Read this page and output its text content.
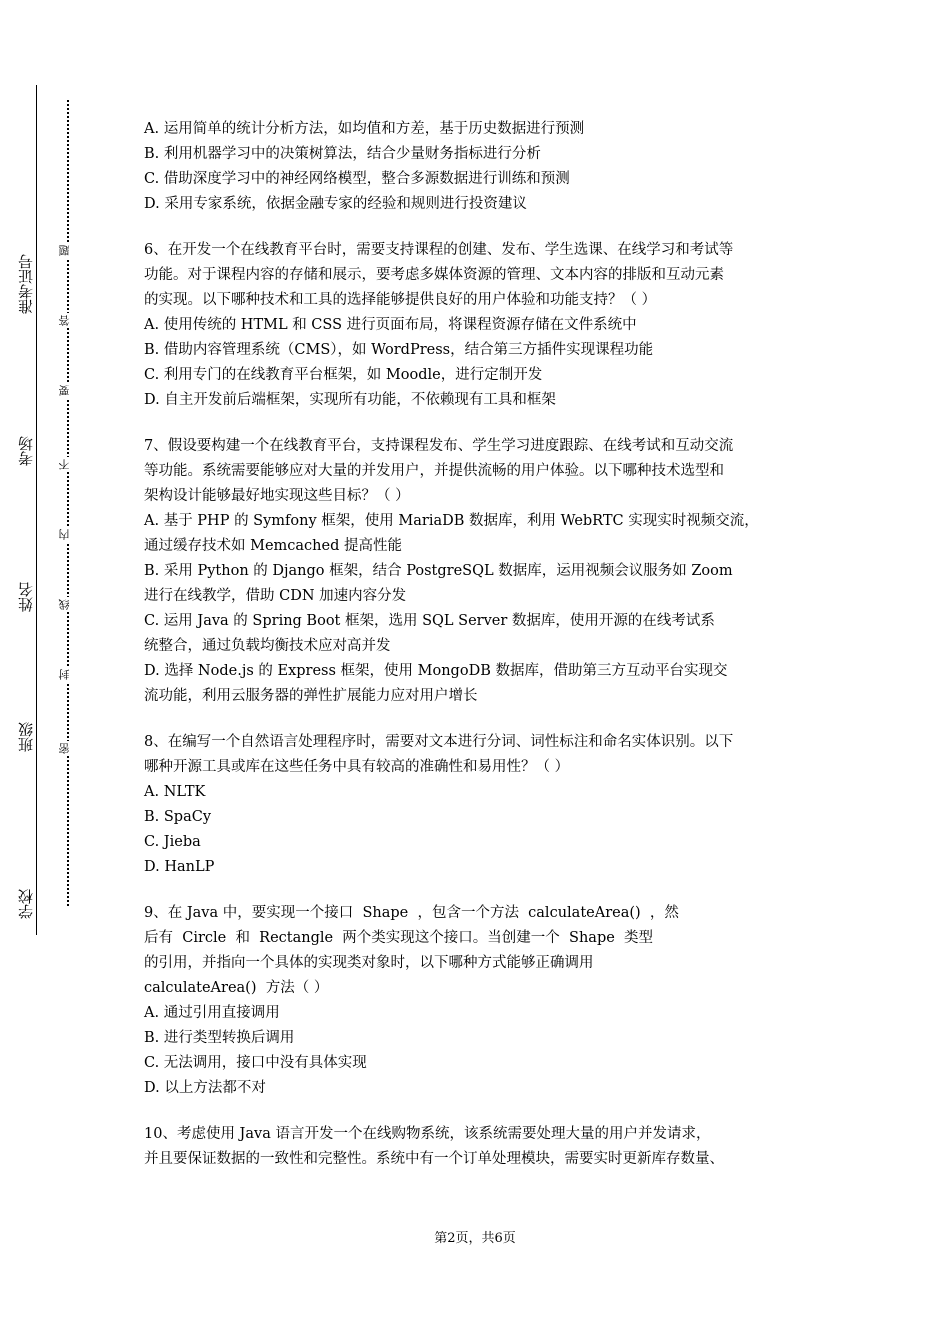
准考证号
考场
姓名
班级
学校
题
答
要
不
内
线
封
密
A. 运用简单的统计分析方法，如均值和方差，基于历史数据进行预测
B. 利用机器学习中的决策树算法，结合少量财务指标进行分析
C. 借助深度学习中的神经网络模型，整合多源数据进行训练和预测
D. 采用专家系统，依据金融专家的经验和规则进行投资建议
6、在开发一个在线教育平台时，需要支持课程的创建、发布、学生选课、在线学习和考试等
功能。对于课程内容的存储和展示，要考虑多媒体资源的管理、文本内容的排版和互动元素
的实现。以下哪种技术和工具的选择能够提供良好的用户体验和功能支持？（ ）
A. 使用传统的 HTML 和 CSS 进行页面布局，将课程资源存储在文件系统中
B. 借助内容管理系统（CMS），如 WordPress，结合第三方插件实现课程功能
C. 利用专门的在线教育平台框架，如 Moodle，进行定制开发
D. 自主开发前后端框架，实现所有功能，不依赖现有工具和框架
7、假设要构建一个在线教育平台，支持课程发布、学生学习进度跟踪、在线考试和互动交流
等功能。系统需要能够应对大量的并发用户，并提供流畅的用户体验。以下哪种技术选型和
架构设计能够最好地实现这些目标？（ ）
A. 基于 PHP 的 Symfony 框架，使用 MariaDB 数据库，利用 WebRTC 实现实时视频交流，
通过缓存技术如 Memcached 提高性能
B. 采用 Python 的 Django 框架，结合 PostgreSQL 数据库，运用视频会议服务如 Zoom
进行在线教学，借助 CDN 加速内容分发
C. 运用 Java 的 Spring Boot 框架，选用 SQL Server 数据库，使用开源的在线考试系
统整合，通过负载均衡技术应对高并发
D. 选择 Node.js 的 Express 框架，使用 MongoDB 数据库，借助第三方互动平台实现交
流功能，利用云服务器的弹性扩展能力应对用户增长
8、在编写一个自然语言处理程序时，需要对文本进行分词、词性标注和命名实体识别。以下
哪种开源工具或库在这些任务中具有较高的准确性和易用性？（ ）
A. NLTK
B. SpaCy
C. Jieba
D. HanLP
9、在 Java 中，要实现一个接口  Shape  ，包含一个方法  calculateArea()  ，然
后有  Circle  和  Rectangle  两个类实现这个接口。当创建一个  Shape  类型
的引用，并指向一个具体的实现类对象时，以下哪种方式能够正确调用
calculateArea()  方法（ ）
A. 通过引用直接调用
B. 进行类型转换后调用
C. 无法调用，接口中没有具体实现
D. 以上方法都不对
10、考虑使用 Java 语言开发一个在线购物系统，该系统需要处理大量的用户并发请求，
并且要保证数据的一致性和完整性。系统中有一个订单处理模块，需要实时更新库存数量、
第2页，共6页
